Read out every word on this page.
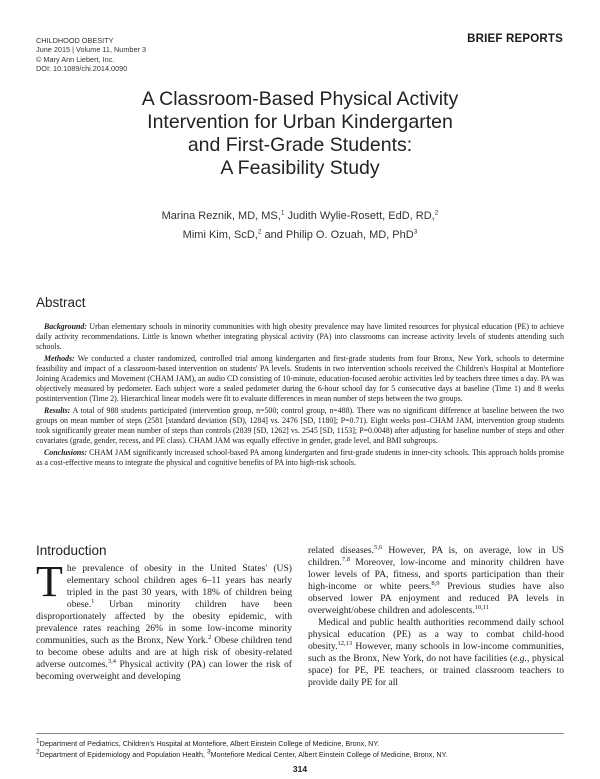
CHILDHOOD OBESITY
June 2015 | Volume 11, Number 3
© Mary Ann Liebert, Inc.
DOI: 10.1089/chi.2014.0090
BRIEF REPORTS
A Classroom-Based Physical Activity
Intervention for Urban Kindergarten
and First-Grade Students:
A Feasibility Study
Marina Reznik, MD, MS,$^1$ Judith Wylie-Rosett, EdD, RD,$^2$
Mimi Kim, ScD,$^2$ and Philip O. Ozuah, MD, PhD$^3$
Abstract

Background: Urban elementary schools in minority communities with high obesity prevalence may have limited resources for physical education (PE) to achieve daily activity recommendations. Little is known whether integrating physical activity (PA) into classrooms can increase activity levels of students attending such schools.

Methods: We conducted a cluster randomized, controlled trial among kindergarten and first-grade students from four Bronx, New York, schools to determine feasibility and impact of a classroom-based intervention on students' PA levels. Students in two intervention schools received the Children's Hospital at Montefiore Joining Academics and Movement (CHAM JAM), an audio CD consisting of 10-minute, education-focused aerobic activities led by teachers three times a day. PA was objectively measured by pedometer. Each subject wore a sealed pedometer during the 6-hour school day for 5 consecutive days at baseline (Time 1) and 8 weeks postintervention (Time 2). Hierarchical linear models were fit to evaluate differences in mean number of steps between the two groups.

Results: A total of 988 students participated (intervention group, n=500; control group, n=488). There was no significant difference at baseline between the two groups on mean number of steps (2581 [standard deviation (SD), 1284] vs. 2476 [SD, 1180]; P=0.71). Eight weeks post–CHAM JAM, intervention group students took significantly greater mean number of steps than controls (2839 [SD, 1262] vs. 2545 [SD, 1153]; P=0.0048) after adjusting for baseline number of steps and other covariates (grade, gender, recess, and PE class). CHAM JAM was equally effective in gender, grade level, and BMI subgroups.

Conclusions: CHAM JAM significantly increased school-based PA among kindergarten and first-grade students in inner-city schools. This approach holds promise as a cost-effective means to integrate the physical and cognitive benefits of PA into high-risk schools.

Introduction

The prevalence of obesity in the United States' (US) elementary school children ages 6–11 years has nearly tripled in the past 30 years, with 18% of children being obese.$^1$ Urban minority children have been disproportionately affected by the obesity epidemic, with prevalence rates reaching 26% in some low-income minority communities, such as the Bronx, New York.$^2$ Obese children tend to become obese adults and are at high risk of obesity-related adverse outcomes.$^{3,4}$ Physical activity (PA) can lower the risk of becoming overweight and developing

related diseases.$^{5,6}$ However, PA is, on average, low in US children.$^{7,8}$ Moreover, low-income and minority children have lower levels of PA, fitness, and sports participation than their high-income or white peers.$^{8,9}$ Previous studies have also observed lower PA enjoyment and reduced PA levels in overweight/obese children and adolescents.$^{10,11}$

Medical and public health authorities recommend daily school physical education (PE) as a way to combat child-hood obesity.$^{12,13}$ However, many schools in low-income communities, such as the Bronx, New York, do not have facilities (e.g., physical space) for PE, PE teachers, or trained classroom teachers to provide daily PE for all

$^1$Department of Pediatrics, Children's Hospital at Montefiore, Albert Einstein College of Medicine, Bronx, NY.
$^2$Department of Epidemiology and Population Health, $^3$Montefiore Medical Center, Albert Einstein College of Medicine, Bronx, NY.
314
